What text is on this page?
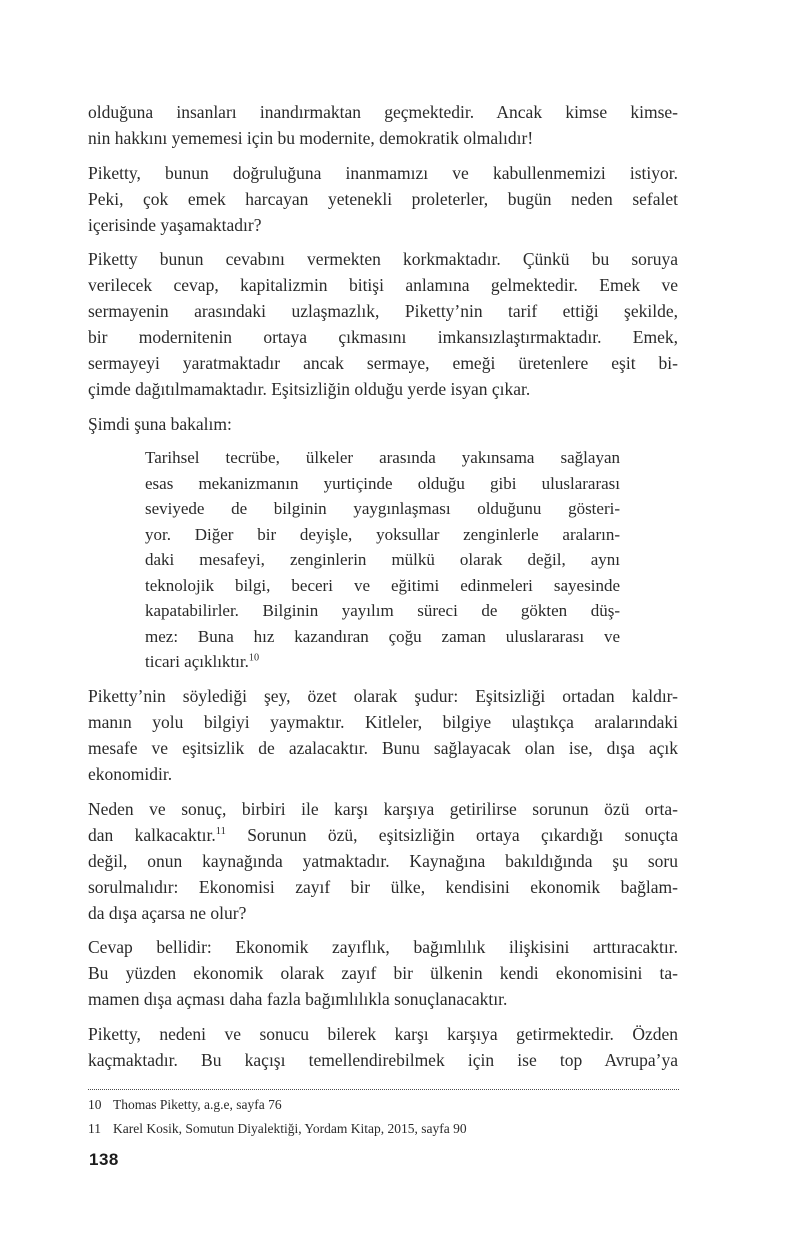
olduğuna insanları inandırmaktan geçmektedir. Ancak kimse kimse-
nin hakkını yememesi için bu modernite, demokratik olmalıdır!
Piketty, bunun doğruluğuna inanmamızı ve kabullenmemizi istiyor.
Peki, çok emek harcayan yetenekli proleterler, bugün neden sefalet
içerisinde yaşamaktadır?
Piketty bunun cevabını vermekten korkmaktadır. Çünkü bu soruya
verilecek cevap, kapitalizmin bitişi anlamına gelmektedir. Emek ve
sermayenin arasındaki uzlaşmazlık, Piketty’nin tarif ettiği şekilde,
bir modernitenin ortaya çıkmasını imkansızlaştırmaktadır. Emek,
sermayeyi yaratmaktadır ancak sermaye, emeği üretenlere eşit bi-
çimde dağıtılmamaktadır. Eşitsizliğin olduğu yerde isyan çıkar.
Şimdi şuna bakalım:
Tarihsel tecrübe, ülkeler arasında yakınsama sağlayan
esas mekanizmanın yurtiçinde olduğu gibi uluslararası
seviyede de bilginin yaygınlaşması olduğunu gösteri-
yor. Diğer bir deyişle, yoksullar zenginlerle araların-
daki mesafeyi, zenginlerin mülkü olarak değil, aynı
teknolojik bilgi, beceri ve eğitimi edinmeleri sayesinde
kapatabilirler. Bilginin yayılım süreci de gökten düş-
mez: Buna hız kazandıran çoğu zaman uluslararası ve
ticari açıklıktır.$^{10}$
Piketty’nin söylediği şey, özet olarak şudur: Eşitsizliği ortadan kaldır-
manın yolu bilgiyi yaymaktır. Kitleler, bilgiye ulaştıkça aralarındaki
mesafe ve eşitsizlik de azalacaktır. Bunu sağlayacak olan ise, dışa açık
ekonomidir.
Neden ve sonuç, birbiri ile karşı karşıya getirilirse sorunun özü orta-
dan kalkacaktır.$^{11}$ Sorunun özü, eşitsizliğin ortaya çıkardığı sonuçta
değil, onun kaynağında yatmaktadır. Kaynağına bakıldığında şu soru
sorulmalıdır: Ekonomisi zayıf bir ülke, kendisini ekonomik bağlam-
da dışa açarsa ne olur?
Cevap bellidir: Ekonomik zayıflık, bağımlılık ilişkisini arttıracaktır.
Bu yüzden ekonomik olarak zayıf bir ülkenin kendi ekonomisini ta-
mamen dışa açması daha fazla bağımlılıkla sonuçlanacaktır.
Piketty, nedeni ve sonucu bilerek karşı karşıya getirmektedir. Özden
kaçmaktadır. Bu kaçışı temellendirebilmek için ise top Avrupa’ya
10 Thomas Piketty, a.g.e, sayfa 76
11 Karel Kosik, Somutun Diyalektiği, Yordam Kitap, 2015, sayfa 90
138
